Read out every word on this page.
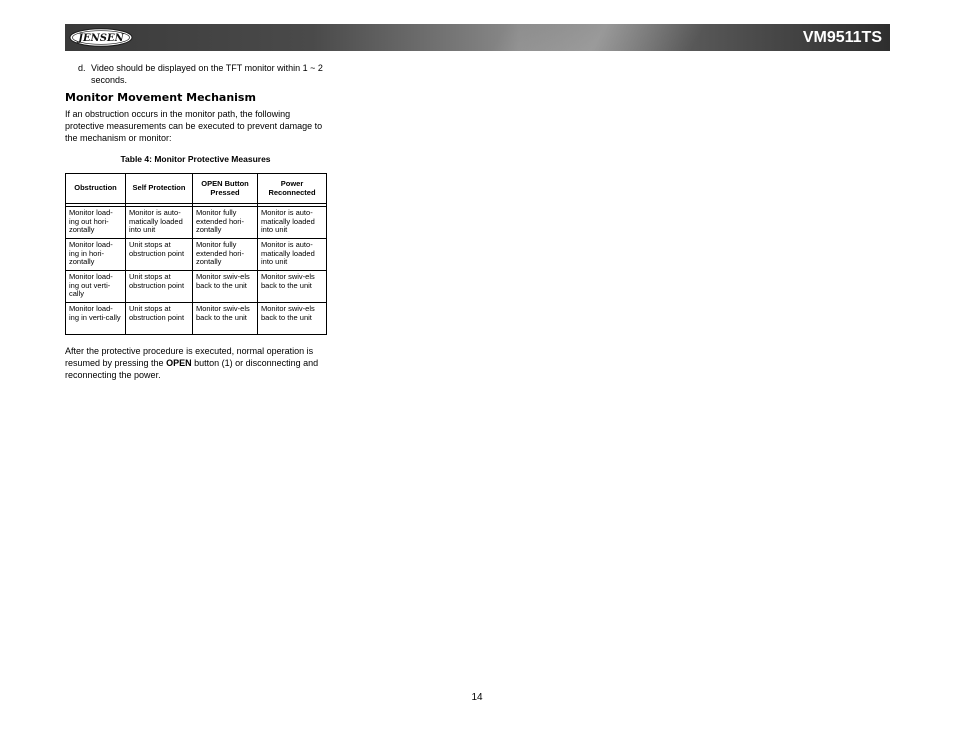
JENSEN	VM9511TS
d. Video should be displayed on the TFT monitor within 1 ~ 2 seconds.
Monitor Movement Mechanism
If an obstruction occurs in the monitor path, the following protective measurements can be executed to prevent damage to the mechanism or monitor:
Table 4: Monitor Protective Measures
Obstruction	Self Protection	OPEN Button Pressed	Power Reconnected

Monitor load-ing out hori-zontally	Monitor is auto-matically loaded into unit	Monitor fully extended hori-zontally	Monitor is auto-matically loaded into unit
Monitor load-ing in hori-zontally	Unit stops at obstruction point	Monitor fully extended hori-zontally	Monitor is auto-matically loaded into unit
Monitor load-ing out verti-cally	Unit stops at obstruction point	Monitor swiv-els back to the unit	Monitor swiv-els back to the unit
Monitor load-ing in verti-cally	Unit stops at obstruction point	Monitor swiv-els back to the unit	Monitor swiv-els back to the unit
After the protective procedure is executed, normal operation is resumed by pressing the OPEN button (1) or disconnecting and reconnecting the power.
14
